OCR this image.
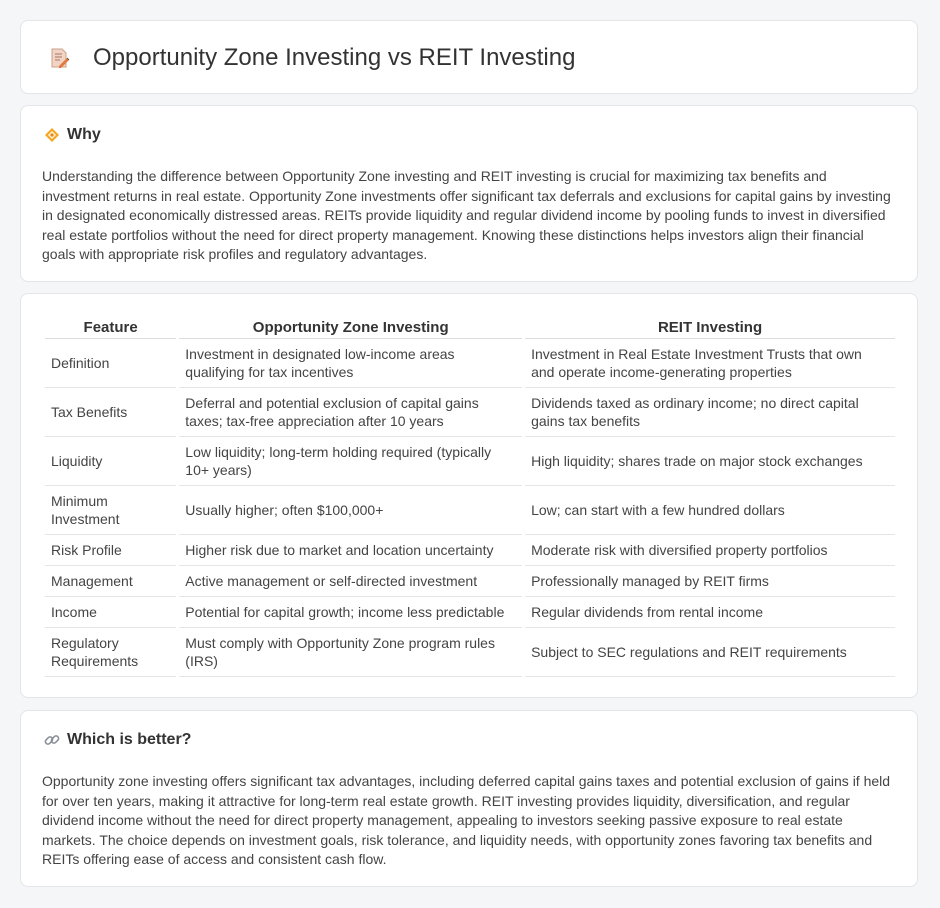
Opportunity Zone Investing vs REIT Investing
Why

Understanding the difference between Opportunity Zone investing and REIT investing is crucial for maximizing tax benefits and investment returns in real estate. Opportunity Zone investments offer significant tax deferrals and exclusions for capital gains by investing in designated economically distressed areas. REITs provide liquidity and regular dividend income by pooling funds to invest in diversified real estate portfolios without the need for direct property management. Knowing these distinctions helps investors align their financial goals with appropriate risk profiles and regulatory advantages.

Feature	Opportunity Zone Investing	REIT Investing
Definition	Investment in designated low-income areas qualifying for tax incentives	Investment in Real Estate Investment Trusts that own and operate income-generating properties
Tax Benefits	Deferral and potential exclusion of capital gains taxes; tax-free appreciation after 10 years	Dividends taxed as ordinary income; no direct capital gains tax benefits
Liquidity	Low liquidity; long-term holding required (typically 10+ years)	High liquidity; shares trade on major stock exchanges
Minimum Investment	Usually higher; often $100,000+	Low; can start with a few hundred dollars
Risk Profile	Higher risk due to market and location uncertainty	Moderate risk with diversified property portfolios
Management	Active management or self-directed investment	Professionally managed by REIT firms
Income	Potential for capital growth; income less predictable	Regular dividends from rental income
Regulatory Requirements	Must comply with Opportunity Zone program rules (IRS)	Subject to SEC regulations and REIT requirements
Which is better?

Opportunity zone investing offers significant tax advantages, including deferred capital gains taxes and potential exclusion of gains if held for over ten years, making it attractive for long-term real estate growth. REIT investing provides liquidity, diversification, and regular dividend income without the need for direct property management, appealing to investors seeking passive exposure to real estate markets. The choice depends on investment goals, risk tolerance, and liquidity needs, with opportunity zones favoring tax benefits and REITs offering ease of access and consistent cash flow.
